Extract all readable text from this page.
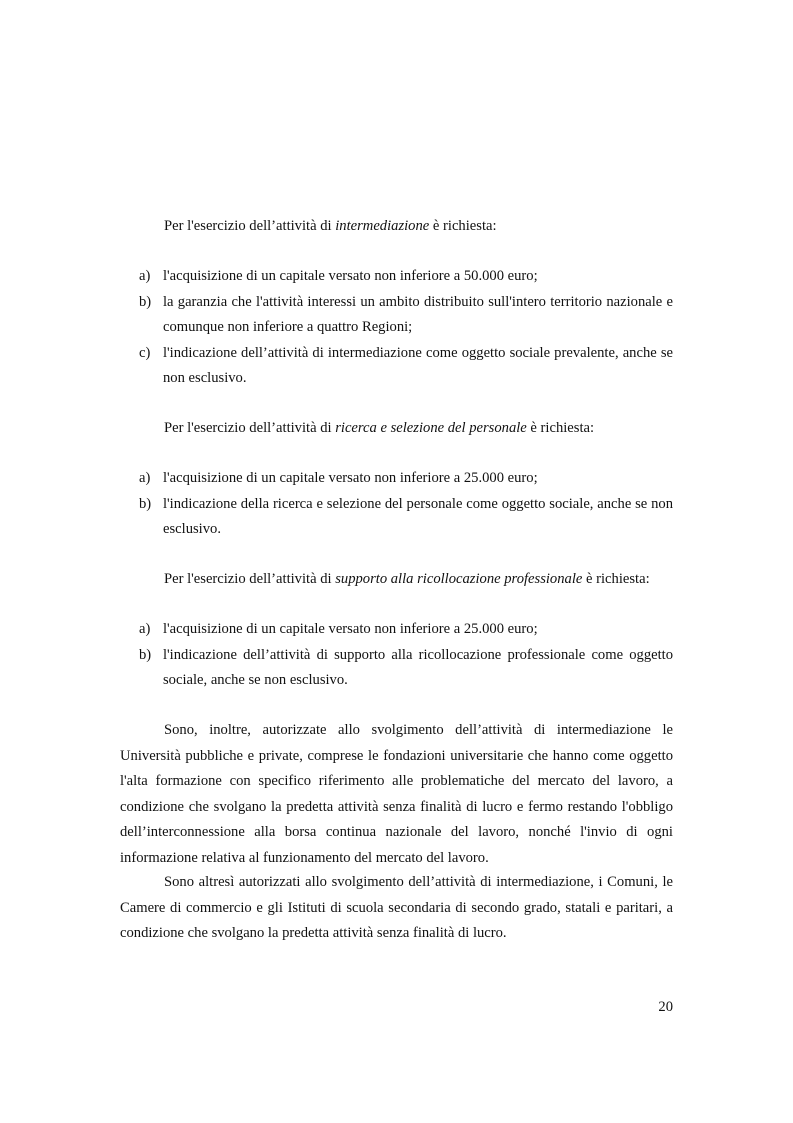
Per l'esercizio dell’attività di intermediazione è richiesta:

a) l'acquisizione di un capitale versato non inferiore a 50.000 euro;
b) la garanzia che l'attività interessi un ambito distribuito sull'intero territorio nazionale e comunque non inferiore a quattro Regioni;
c) l'indicazione dell’attività di intermediazione come oggetto sociale prevalente, anche se non esclusivo.

Per l'esercizio dell’attività di ricerca e selezione del personale è richiesta:

a) l'acquisizione di un capitale versato non inferiore a 25.000 euro;
b) l'indicazione della ricerca e selezione del personale come oggetto sociale, anche se non esclusivo.

Per l'esercizio dell’attività di supporto alla ricollocazione professionale è richiesta:

a) l'acquisizione di un capitale versato non inferiore a 25.000 euro;
b) l'indicazione dell’attività di supporto alla ricollocazione professionale come oggetto sociale, anche se non esclusivo.

Sono, inoltre, autorizzate allo svolgimento dell’attività di intermediazione le Università pubbliche e private, comprese le fondazioni universitarie che hanno come oggetto l'alta formazione con specifico riferimento alle problematiche del mercato del lavoro, a condizione che svolgano la predetta attività senza finalità di lucro e fermo restando l'obbligo dell’interconnessione alla borsa continua nazionale del lavoro, nonché l'invio di ogni informazione relativa al funzionamento del mercato del lavoro.

Sono altresì autorizzati allo svolgimento dell’attività di intermediazione, i Comuni, le Camere di commercio e gli Istituti di scuola secondaria di secondo grado, statali e paritari, a condizione che svolgano la predetta attività senza finalità di lucro.

20
